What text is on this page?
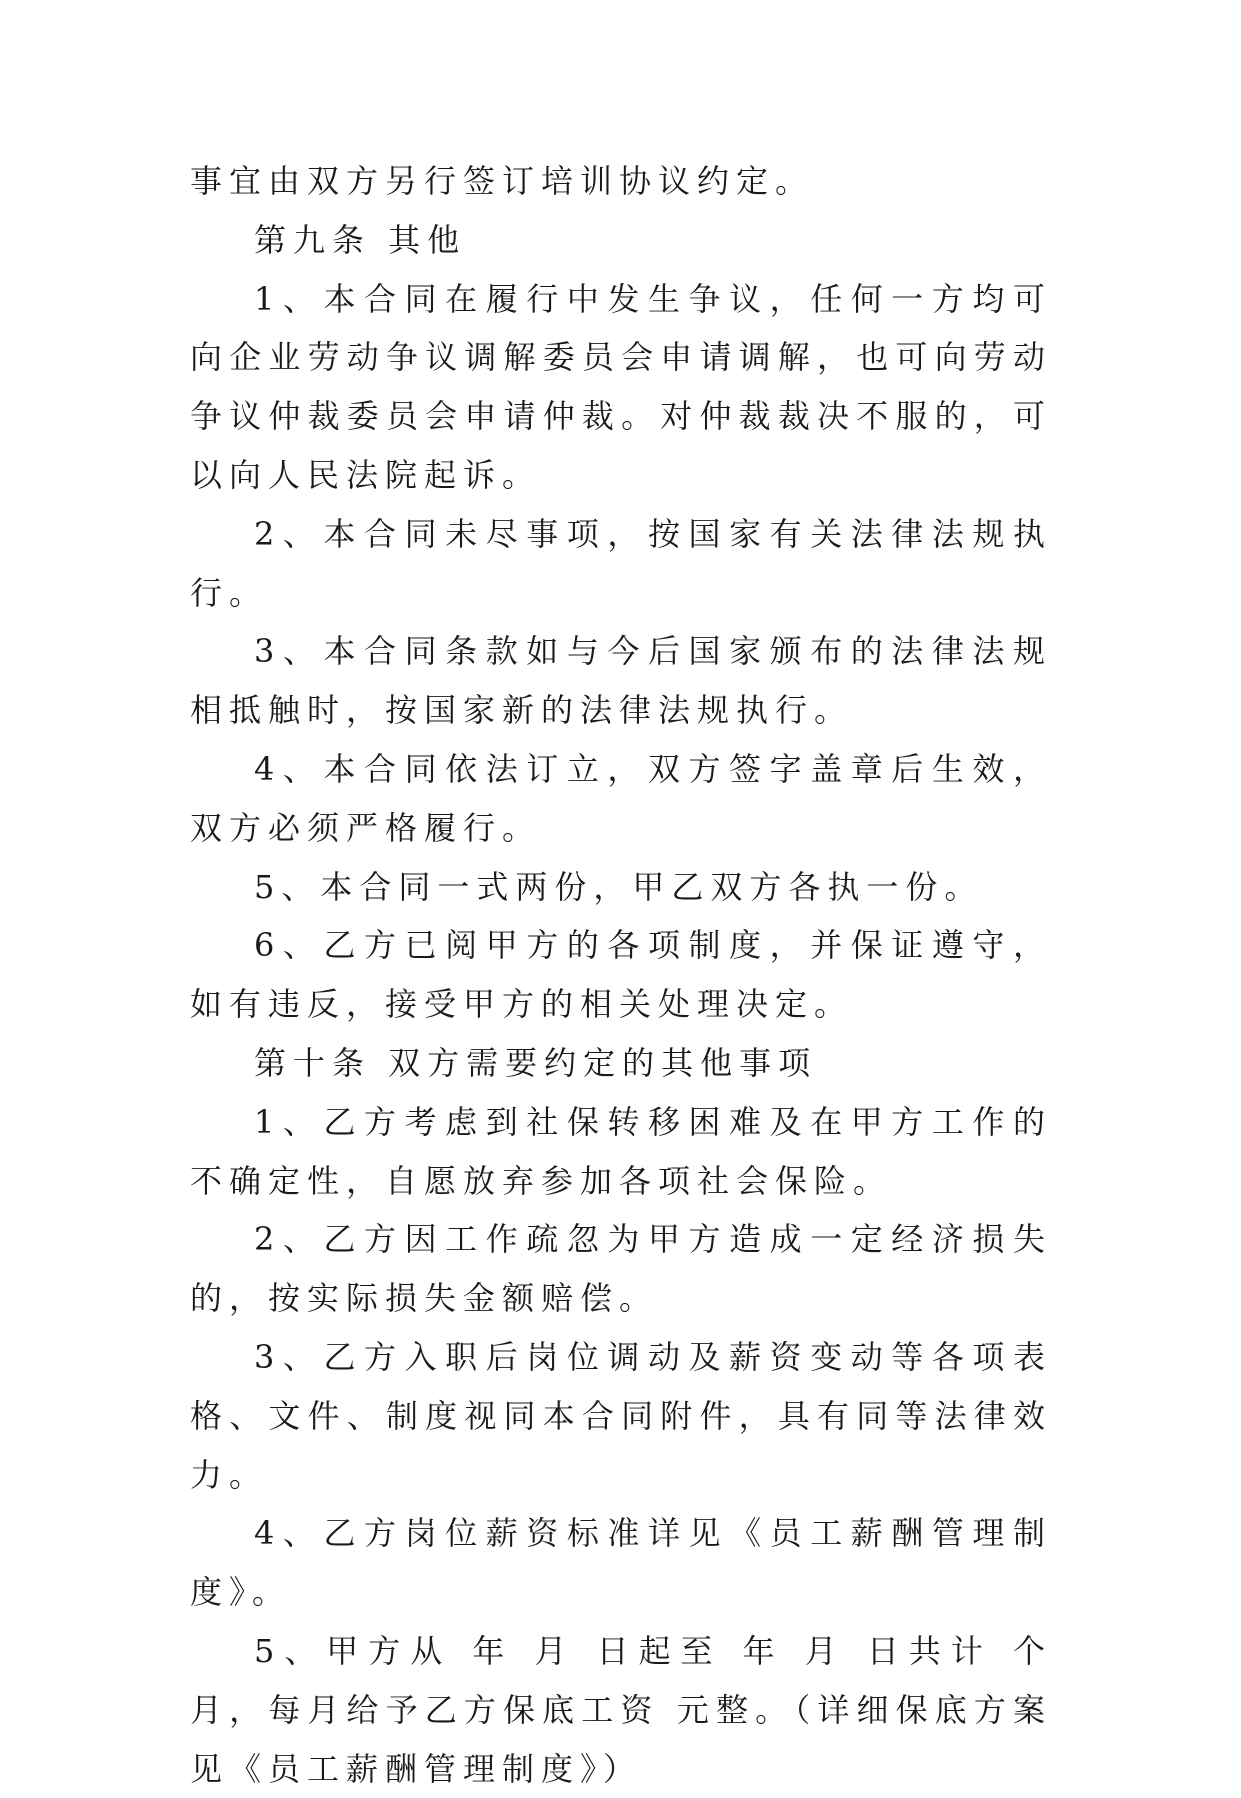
事宜由双方另行签订培训协议约定。

第九条 其他

1、本合同在履行中发生争议，任何一方均可向企业劳动争议调解委员会申请调解，也可向劳动争议仲裁委员会申请仲裁。对仲裁裁决不服的，可以向人民法院起诉。

2、本合同未尽事项，按国家有关法律法规执行。

3、本合同条款如与今后国家颁布的法律法规相抵触时，按国家新的法律法规执行。

4、本合同依法订立，双方签字盖章后生效，双方必须严格履行。

5、本合同一式两份，甲乙双方各执一份。

6、乙方已阅甲方的各项制度，并保证遵守，如有违反，接受甲方的相关处理决定。

第十条 双方需要约定的其他事项

1、乙方考虑到社保转移困难及在甲方工作的不确定性，自愿放弃参加各项社会保险。

2、乙方因工作疏忽为甲方造成一定经济损失的，按实际损失金额赔偿。

3、乙方入职后岗位调动及薪资变动等各项表格、文件、制度视同本合同附件，具有同等法律效 力。

4、乙方岗位薪资标准详见《员工薪酬管理制度》。

5、甲方从 年 月 日起至 年 月 日共计 个月，每月给予乙方保底工资 元整。（详细保底方案见《员工薪酬管理制度》）
